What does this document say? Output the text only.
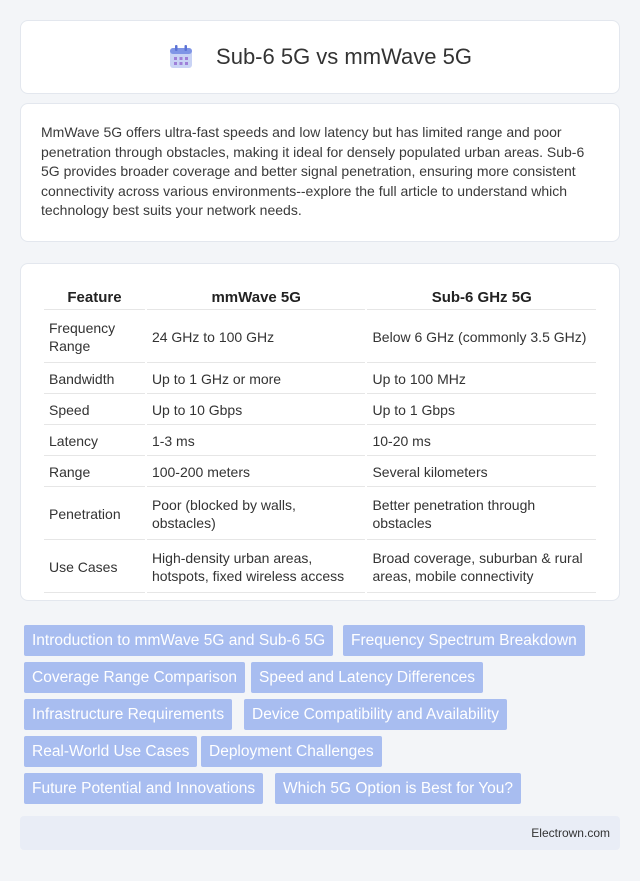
Sub-6 5G vs mmWave 5G

MmWave 5G offers ultra-fast speeds and low latency but has limited range and poor penetration through obstacles, making it ideal for densely populated urban areas. Sub-6 5G provides broader coverage and better signal penetration, ensuring more consistent connectivity across various environments--explore the full article to understand which technology best suits your network needs.

Feature	mmWave 5G	Sub-6 GHz 5G
Frequency Range	24 GHz to 100 GHz	Below 6 GHz (commonly 3.5 GHz)
Bandwidth	Up to 1 GHz or more	Up to 100 MHz
Speed	Up to 10 Gbps	Up to 1 Gbps
Latency	1-3 ms	10-20 ms
Range	100-200 meters	Several kilometers
Penetration	Poor (blocked by walls, obstacles)	Better penetration through obstacles
Use Cases	High-density urban areas, hotspots, fixed wireless access	Broad coverage, suburban & rural areas, mobile connectivity
Introduction to mmWave 5G and Sub-6 5G	Frequency Spectrum Breakdown
Coverage Range Comparison	Speed and Latency Differences
Infrastructure Requirements	Device Compatibility and Availability
Real-World Use Cases	Deployment Challenges
Future Potential and Innovations	Which 5G Option is Best for You?
Electrown.com
